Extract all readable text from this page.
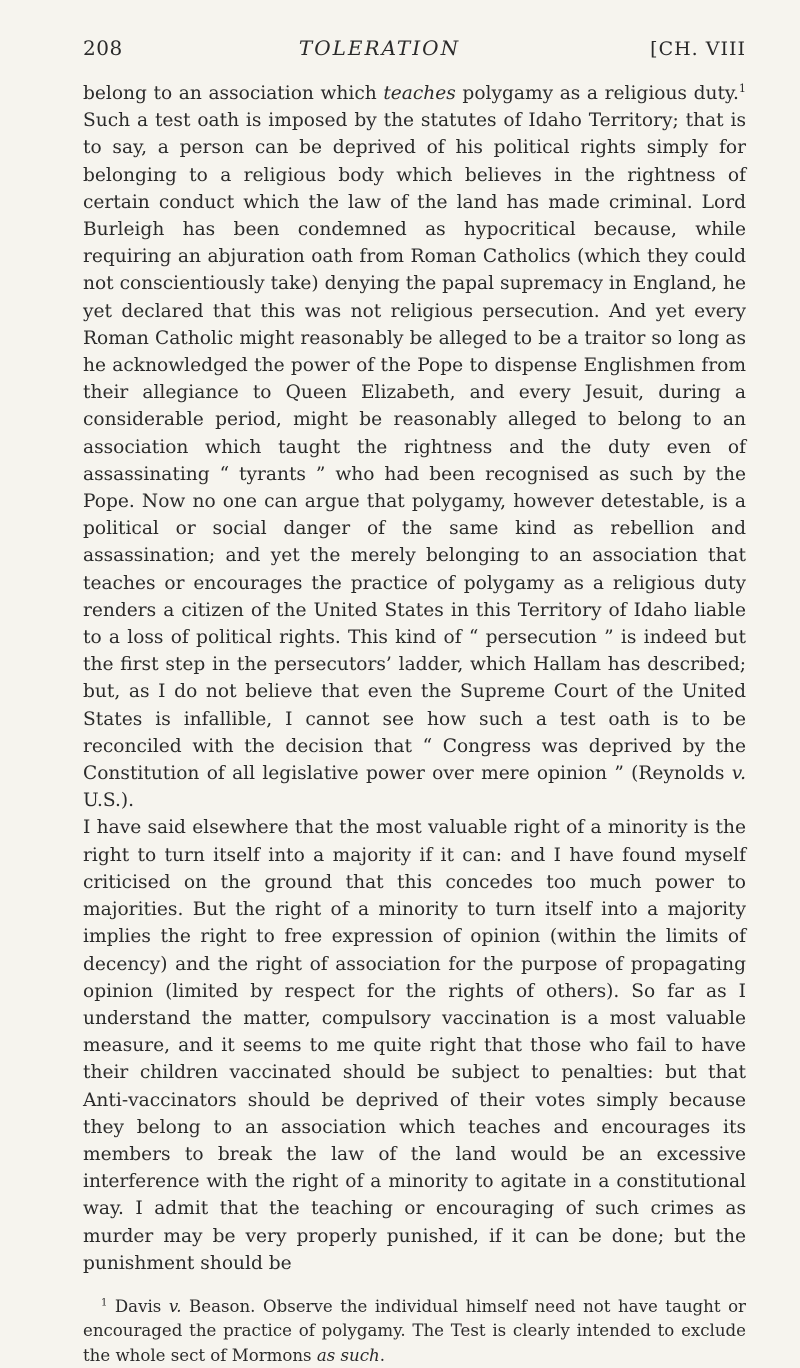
208	TOLERATION	[CH. VIII

belong to an association which teaches polygamy as a religious duty.$^1$ Such a test oath is imposed by the statutes of Idaho Territory; that is to say, a person can be deprived of his political rights simply for belonging to a religious body which believes in the rightness of certain conduct which the law of the land has made criminal. Lord Burleigh has been condemned as hypocritical because, while requiring an abjuration oath from Roman Catholics (which they could not conscientiously take) denying the papal supremacy in England, he yet declared that this was not religious persecution. And yet every Roman Catholic might reasonably be alleged to be a traitor so long as he acknowledged the power of the Pope to dispense Englishmen from their allegiance to Queen Elizabeth, and every Jesuit, during a considerable period, might be reasonably alleged to belong to an association which taught the rightness and the duty even of assassinating “ tyrants ” who had been recognised as such by the Pope. Now no one can argue that polygamy, however detestable, is a political or social danger of the same kind as rebellion and assassination; and yet the merely belonging to an association that teaches or encourages the practice of polygamy as a religious duty renders a citizen of the United States in this Territory of Idaho liable to a loss of political rights. This kind of “ persecution ” is indeed but the first step in the persecutors’ ladder, which Hallam has described; but, as I do not believe that even the Supreme Court of the United States is infallible, I cannot see how such a test oath is to be reconciled with the decision that “ Congress was deprived by the Constitution of all legislative power over mere opinion ” (Reynolds v. U.S.).

I have said elsewhere that the most valuable right of a minority is the right to turn itself into a majority if it can: and I have found myself criticised on the ground that this concedes too much power to majorities. But the right of a minority to turn itself into a majority implies the right to free expression of opinion (within the limits of decency) and the right of association for the purpose of propagating opinion (limited by respect for the rights of others). So far as I understand the matter, compulsory vaccination is a most valuable measure, and it seems to me quite right that those who fail to have their children vaccinated should be subject to penalties: but that Anti-vaccinators should be deprived of their votes simply because they belong to an association which teaches and encourages its members to break the law of the land would be an excessive interference with the right of a minority to agitate in a constitutional way. I admit that the teaching or encouraging of such crimes as murder may be very properly punished, if it can be done; but the punishment should be

$^1$ Davis v. Beason. Observe the individual himself need not have taught or encouraged the practice of polygamy. The Test is clearly intended to exclude the whole sect of Mormons as such.
